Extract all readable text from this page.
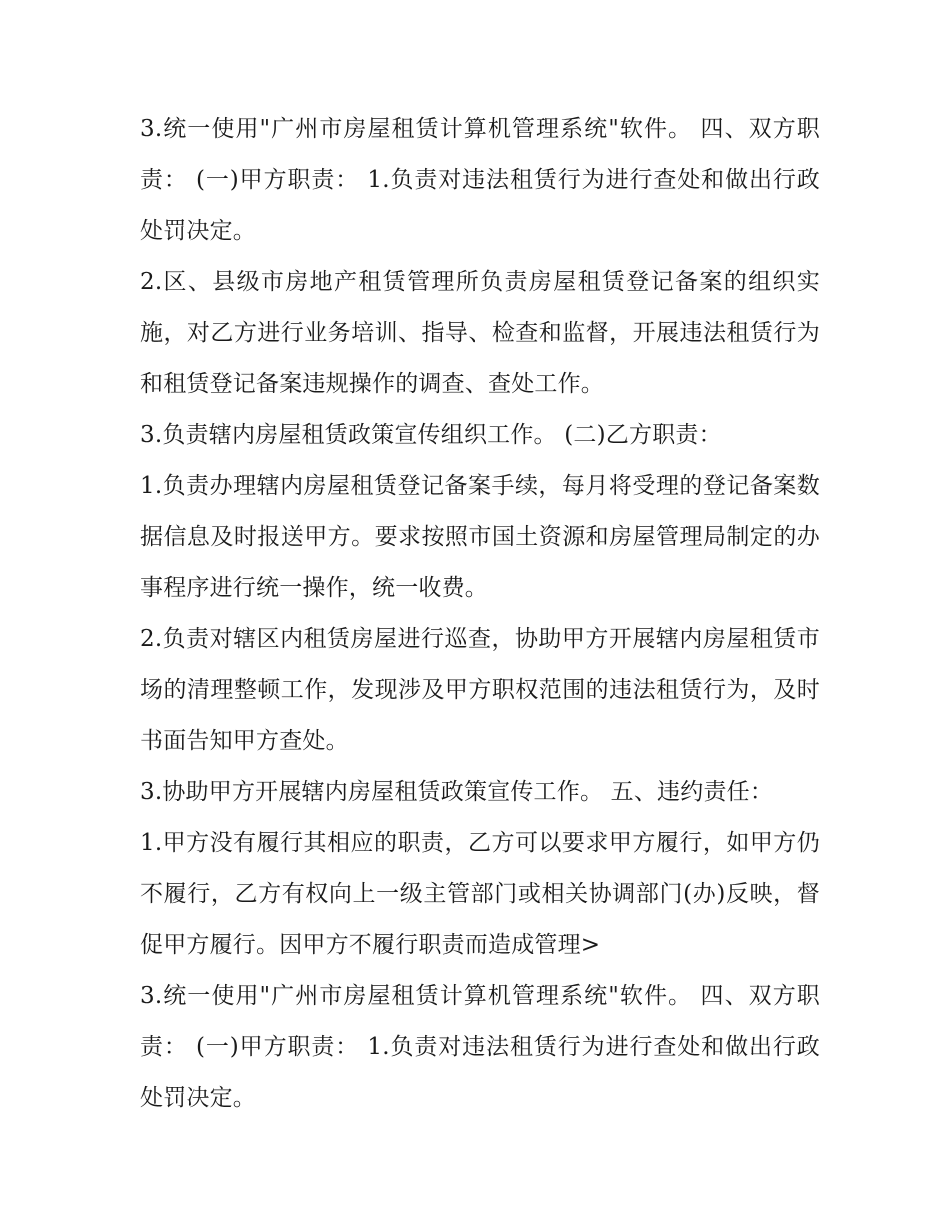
3.统一使用"广州市房屋租赁计算机管理系统"软件。 四、双方职责： (一)甲方职责： 1.负责对违法租赁行为进行查处和做出行政处罚决定。

2.区、县级市房地产租赁管理所负责房屋租赁登记备案的组织实施，对乙方进行业务培训、指导、检查和监督，开展违法租赁行为和租赁登记备案违规操作的调查、查处工作。

3.负责辖内房屋租赁政策宣传组织工作。 (二)乙方职责：

1.负责办理辖内房屋租赁登记备案手续，每月将受理的登记备案数据信息及时报送甲方。要求按照市国土资源和房屋管理局制定的办事程序进行统一操作，统一收费。

2.负责对辖区内租赁房屋进行巡查，协助甲方开展辖内房屋租赁市场的清理整顿工作，发现涉及甲方职权范围的违法租赁行为，及时书面告知甲方查处。

3.协助甲方开展辖内房屋租赁政策宣传工作。 五、违约责任：

1.甲方没有履行其相应的职责，乙方可以要求甲方履行，如甲方仍不履行，乙方有权向上一级主管部门或相关协调部门(办)反映，督促甲方履行。因甲方不履行职责而造成管理>

3.统一使用"广州市房屋租赁计算机管理系统"软件。 四、双方职责： (一)甲方职责： 1.负责对违法租赁行为进行查处和做出行政处罚决定。
